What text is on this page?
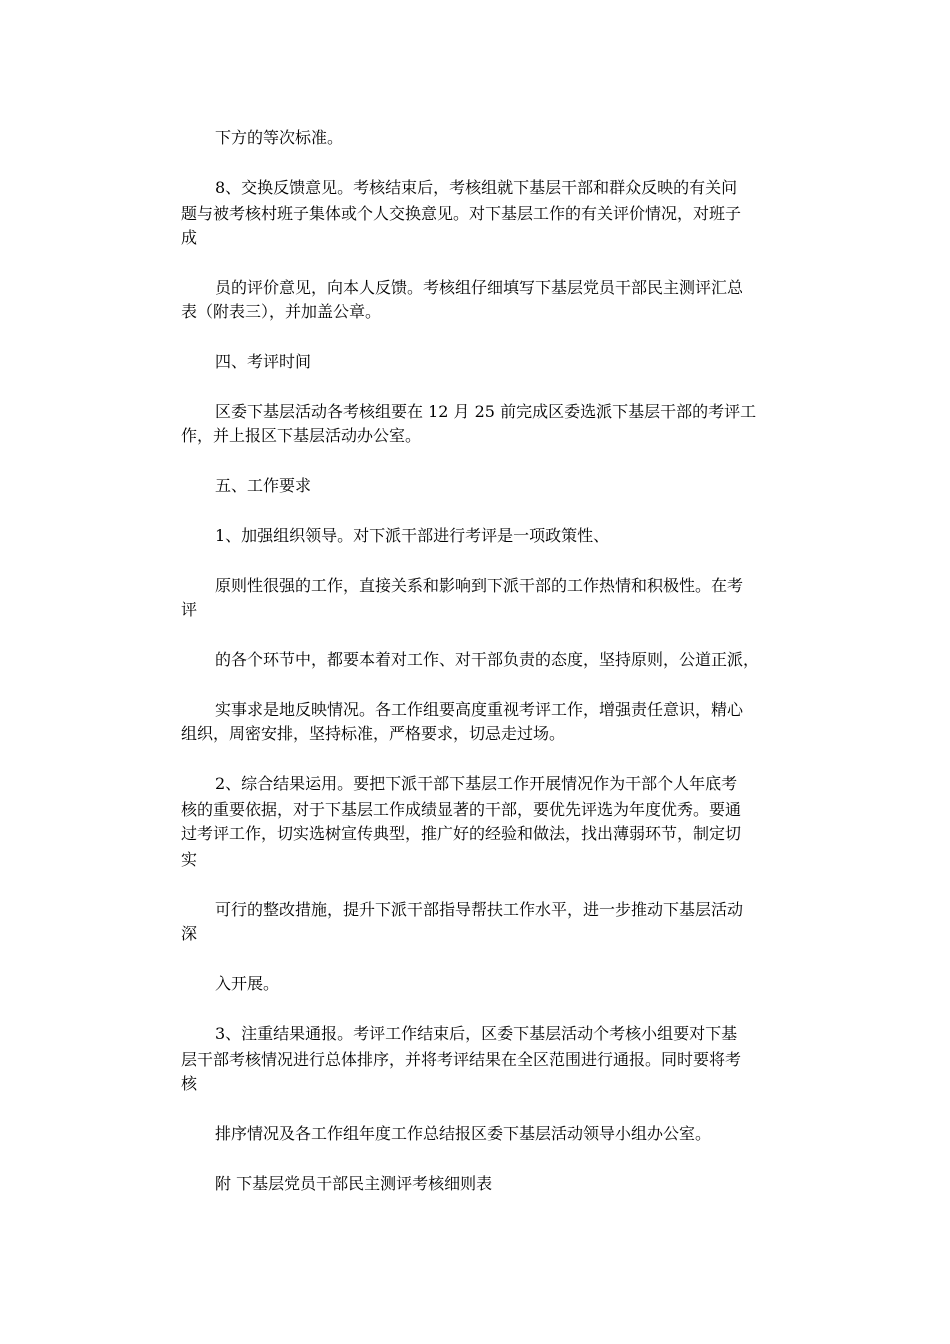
下方的等次标准。
8、交换反馈意见。考核结束后，考核组就下基层干部和群众反映的有关问
题与被考核村班子集体或个人交换意见。对下基层工作的有关评价情况，对班子
成
员的评价意见，向本人反馈。考核组仔细填写下基层党员干部民主测评汇总
表（附表三），并加盖公章。
四、考评时间
区委下基层活动各考核组要在 12 月 25 前完成区委选派下基层干部的考评工
作，并上报区下基层活动办公室。
五、工作要求
1、加强组织领导。对下派干部进行考评是一项政策性、
原则性很强的工作，直接关系和影响到下派干部的工作热情和积极性。在考
评
的各个环节中，都要本着对工作、对干部负责的态度，坚持原则，公道正派，
实事求是地反映情况。各工作组要高度重视考评工作，增强责任意识，精心
组织，周密安排，坚持标准，严格要求，切忌走过场。
2、综合结果运用。要把下派干部下基层工作开展情况作为干部个人年底考
核的重要依据，对于下基层工作成绩显著的干部，要优先评选为年度优秀。要通
过考评工作，切实选树宣传典型，推广好的经验和做法，找出薄弱环节，制定切
实
可行的整改措施，提升下派干部指导帮扶工作水平，进一步推动下基层活动
深
入开展。
3、注重结果通报。考评工作结束后，区委下基层活动个考核小组要对下基
层干部考核情况进行总体排序，并将考评结果在全区范围进行通报。同时要将考
核
排序情况及各工作组年度工作总结报区委下基层活动领导小组办公室。
附 下基层党员干部民主测评考核细则表
